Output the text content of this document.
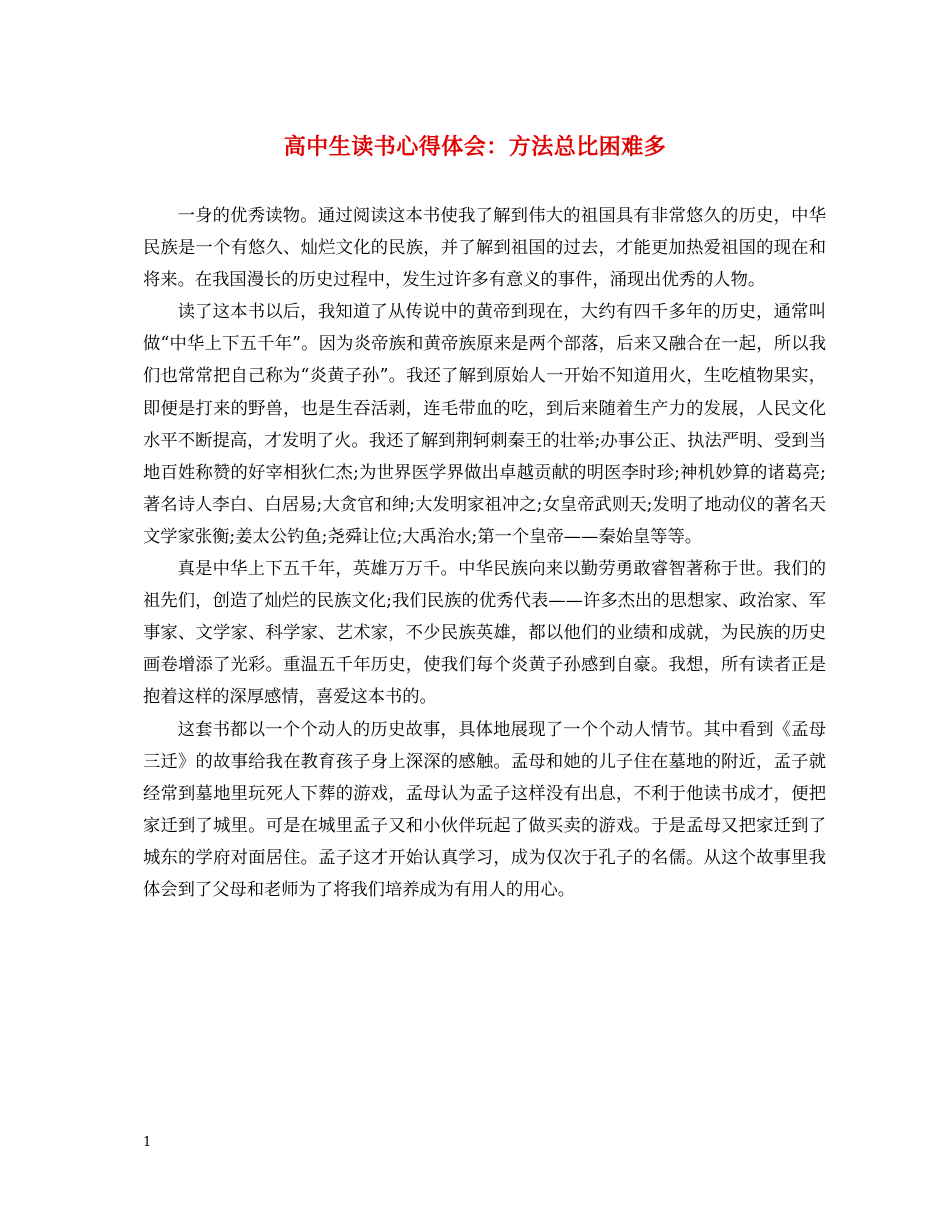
高中生读书心得体会：方法总比困难多

一身的优秀读物。通过阅读这本书使我了解到伟大的祖国具有非常悠久的历史，中华民族是一个有悠久、灿烂文化的民族，并了解到祖国的过去，才能更加热爱祖国的现在和将来。在我国漫长的历史过程中，发生过许多有意义的事件，涌现出优秀的人物。

读了这本书以后，我知道了从传说中的黄帝到现在，大约有四千多年的历史，通常叫做“中华上下五千年”。因为炎帝族和黄帝族原来是两个部落，后来又融合在一起，所以我们也常常把自己称为“炎黄子孙”。我还了解到原始人一开始不知道用火，生吃植物果实，即便是打来的野兽，也是生吞活剥，连毛带血的吃，到后来随着生产力的发展，人民文化水平不断提高，才发明了火。我还了解到荆轲刺秦王的壮举;办事公正、执法严明、受到当地百姓称赞的好宰相狄仁杰;为世界医学界做出卓越贡献的明医李时珍;神机妙算的诸葛亮;著名诗人李白、白居易;大贪官和绅;大发明家祖冲之;女皇帝武则天;发明了地动仪的著名天文学家张衡;姜太公钓鱼;尧舜让位;大禹治水;第一个皇帝——秦始皇等等。

真是中华上下五千年，英雄万万千。中华民族向来以勤劳勇敢睿智著称于世。我们的祖先们，创造了灿烂的民族文化;我们民族的优秀代表——许多杰出的思想家、政治家、军事家、文学家、科学家、艺术家，不少民族英雄，都以他们的业绩和成就，为民族的历史画卷增添了光彩。重温五千年历史，使我们每个炎黄子孙感到自豪。我想，所有读者正是抱着这样的深厚感情，喜爱这本书的。

这套书都以一个个动人的历史故事，具体地展现了一个个动人情节。其中看到《孟母三迁》的故事给我在教育孩子身上深深的感触。孟母和她的儿子住在墓地的附近，孟子就经常到墓地里玩死人下葬的游戏，孟母认为孟子这样没有出息，不利于他读书成才，便把家迁到了城里。可是在城里孟子又和小伙伴玩起了做买卖的游戏。于是孟母又把家迁到了城东的学府对面居住。孟子这才开始认真学习，成为仅次于孔子的名儒。从这个故事里我体会到了父母和老师为了将我们培养成为有用人的用心。

1
